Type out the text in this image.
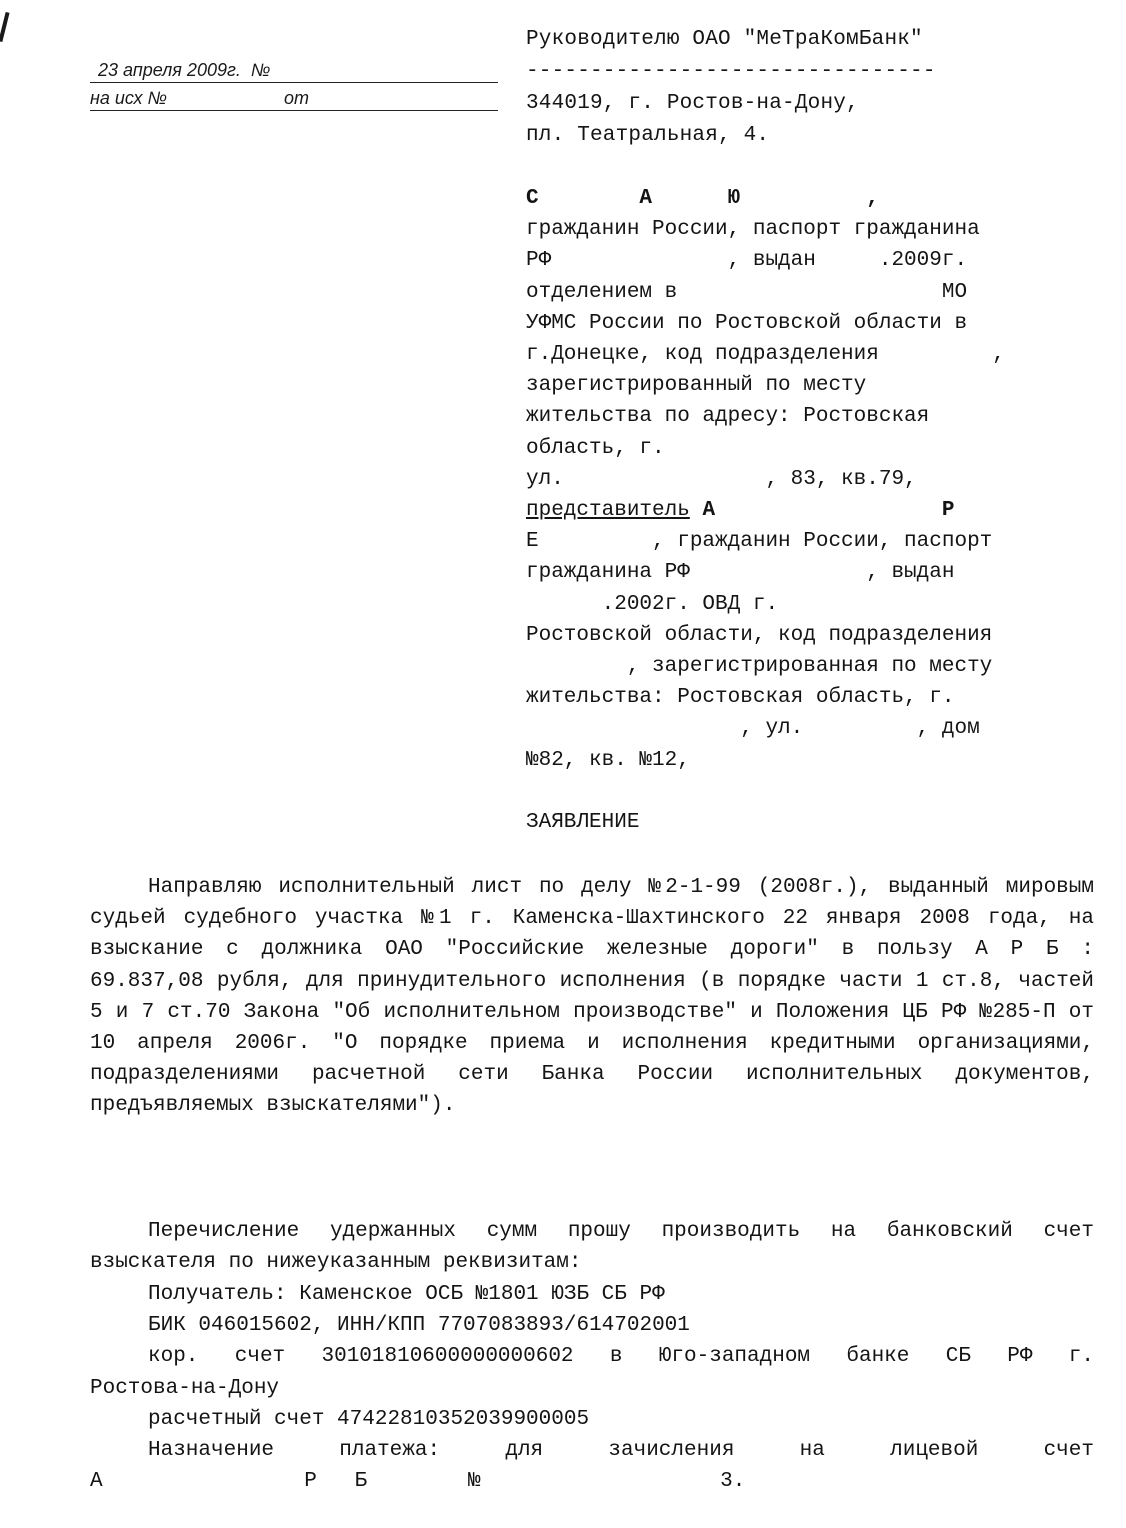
23 апреля 2009г.  №
на исх №	от
Руководителю ОАО "МеТраКомБанк"
--------------------------------
344019, г. Ростов-на-Дону,
пл. Театральная, 4.

С        А      Ю          ,

гражданин России, паспорт гражданина

РФ              , выдан     .2009г.

отделением в                     МО

УФМС России по Ростовской области в

г.Донецке, код подразделения         ,

зарегистрированный по месту

жительства по адресу: Ростовская

область, г.

ул.                , 83, кв.79,

представитель А                  Р

Е         , гражданин России, паспорт

гражданина РФ              , выдан

.2002г. ОВД г.

Ростовской области, код подразделения

, зарегистрированная по месту

жительства: Ростовская область, г.

, ул.         , дом

№82, кв. №12,

ЗАЯВЛЕНИЕ

Направляю исполнительный лист по делу №2-1-99 (2008г.), выданный мировым судьей судебного участка №1 г. Каменска-Шахтинского 22 января 2008 года, на взыскание с должника ОАО "Российские железные дороги" в пользу А Р Б : 69.837,08 рубля, для принудительного исполнения (в порядке части 1 ст.8, частей 5 и 7 ст.70 Закона "Об исполнительном производстве" и Положения ЦБ РФ №285-П от 10 апреля 2006г. "О порядке приема и исполнения кредитными организациями, подразделениями расчетной сети Банка России исполнительных документов, предъявляемых взыскателями").

Перечисление удержанных сумм прошу производить на банковский счет взыскателя по нижеуказанным реквизитам:

Получатель: Каменское ОСБ №1801 ЮЗБ СБ РФ
БИК 046015602, ИНН/КПП 7707083893/614702001
кор. счет 30101810600000000602 в Юго-западном банке СБ РФ г.
Ростова-на-Дону
расчетный счет 47422810352039900005
Назначение платежа: для зачисления на лицевой счет
А                Р   Б        №                   3.
